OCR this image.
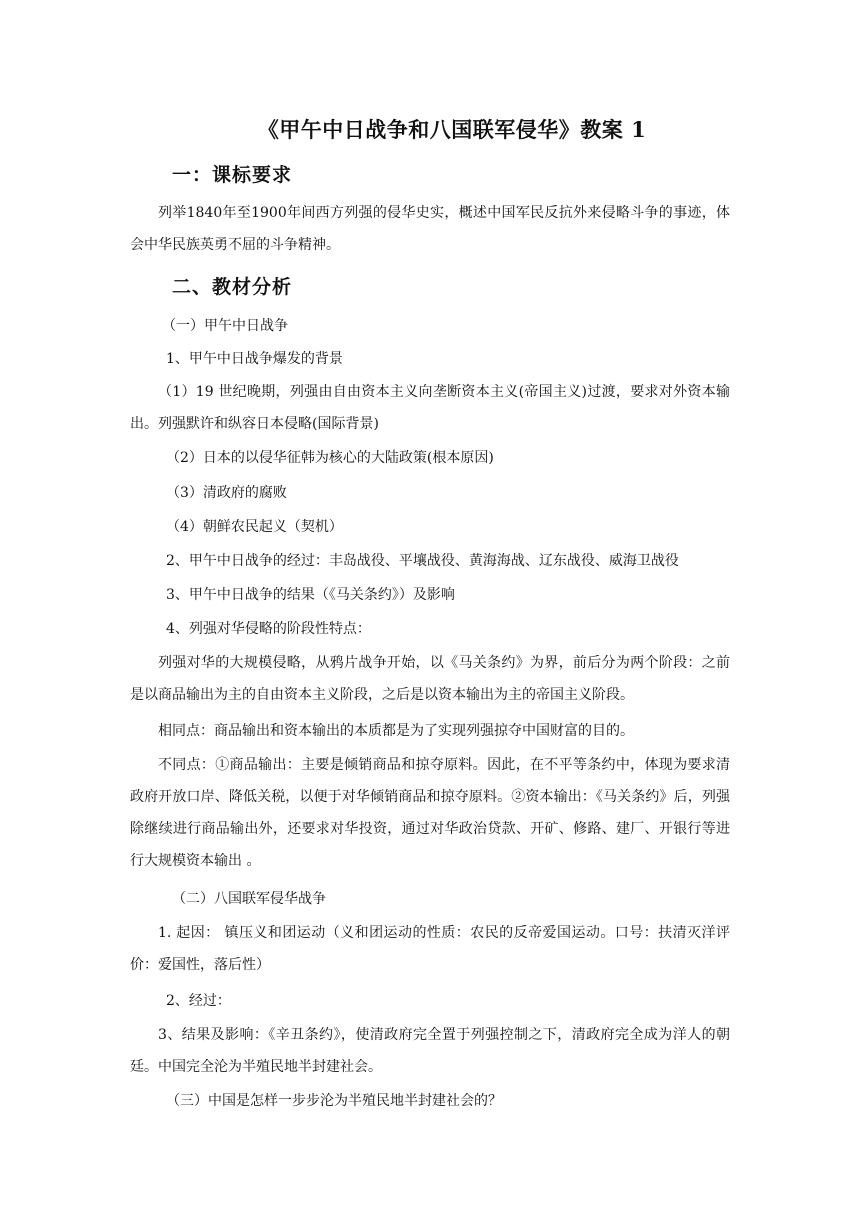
《甲午中日战争和八国联军侵华》教案 1
一：课标要求
列举1840年至1900年间西方列强的侵华史实，概述中国军民反抗外来侵略斗争的事迹，体会中华民族英勇不屈的斗争精神。
二、教材分析
（一）甲午中日战争
1、甲午中日战争爆发的背景
（1）19 世纪晚期，列强由自由资本主义向垄断资本主义(帝国主义)过渡，要求对外资本输出。列强默许和纵容日本侵略(国际背景)
（2）日本的以侵华征韩为核心的大陆政策(根本原因)
（3）清政府的腐败
（4）朝鲜农民起义（契机）
2、甲午中日战争的经过：丰岛战役、平壤战役、黄海海战、辽东战役、威海卫战役
3、甲午中日战争的结果（《马关条约》）及影响
4、列强对华侵略的阶段性特点：
列强对华的大规模侵略，从鸦片战争开始，以《马关条约》为界，前后分为两个阶段：之前是以商品输出为主的自由资本主义阶段，之后是以资本输出为主的帝国主义阶段。
相同点：商品输出和资本输出的本质都是为了实现列强掠夺中国财富的目的。
不同点：①商品输出：主要是倾销商品和掠夺原料。因此，在不平等条约中，体现为要求清政府开放口岸、降低关税，以便于对华倾销商品和掠夺原料。②资本输出：《马关条约》后，列强除继续进行商品输出外，还要求对华投资，通过对华政治贷款、开矿、修路、建厂、开银行等进行大规模资本输出 。
（二）八国联军侵华战争
1. 起因： 镇压义和团运动（义和团运动的性质：农民的反帝爱国运动。口号：扶清灭洋评价：爱国性，落后性）
2、经过：
3、结果及影响：《辛丑条约》，使清政府完全置于列强控制之下，清政府完全成为洋人的朝廷。中国完全沦为半殖民地半封建社会。
（三）中国是怎样一步步沦为半殖民地半封建社会的？
